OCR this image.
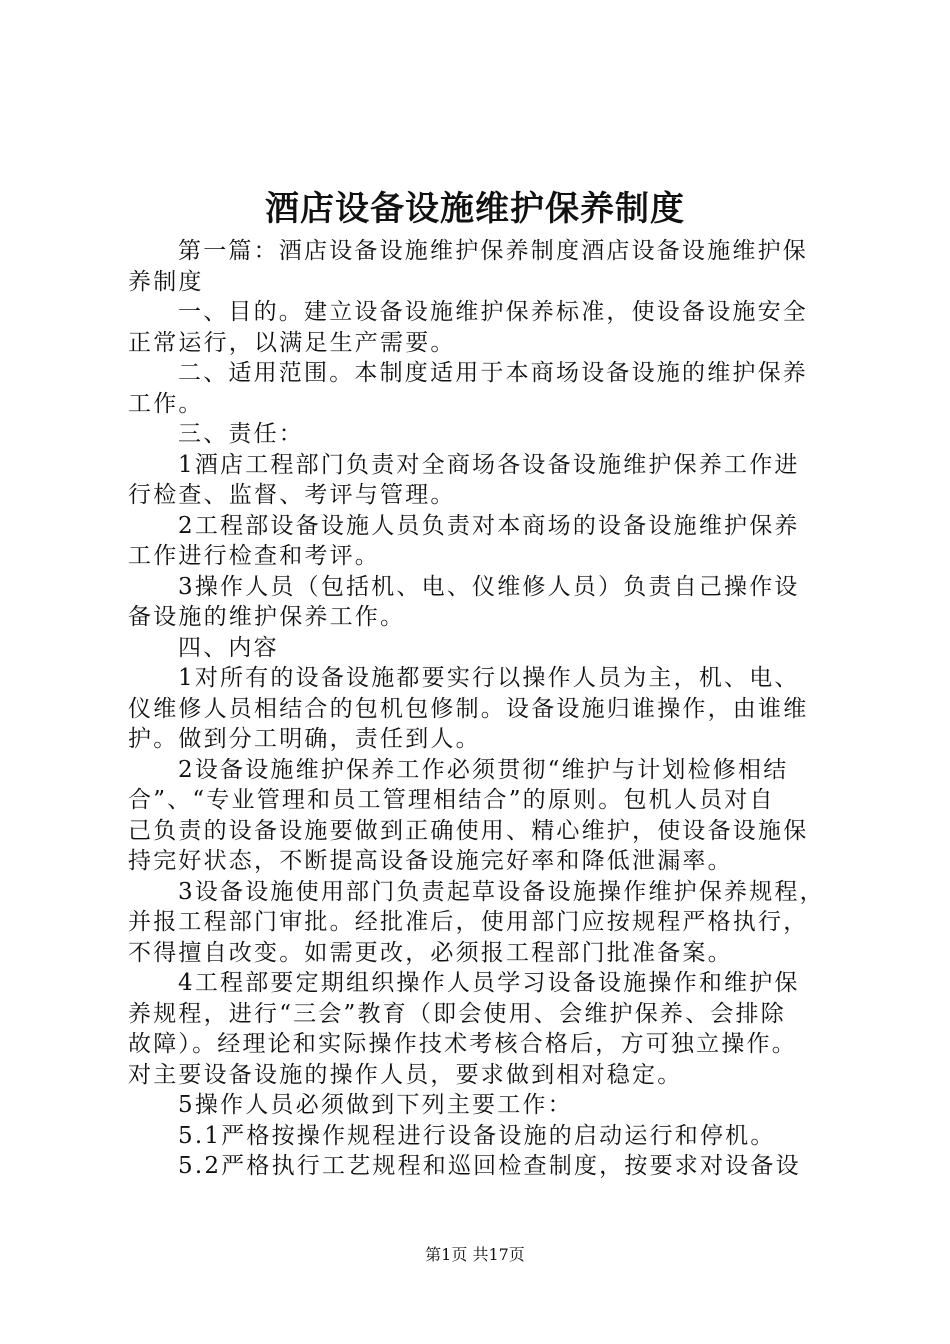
酒店设备设施维护保养制度
第一篇：酒店设备设施维护保养制度酒店设备设施维护保
养制度
一、目的。建立设备设施维护保养标准，使设备设施安全
正常运行，以满足生产需要。
二、适用范围。本制度适用于本商场设备设施的维护保养
工作。
三、责任：
1酒店工程部门负责对全商场各设备设施维护保养工作进
行检查、监督、考评与管理。
2工程部设备设施人员负责对本商场的设备设施维护保养
工作进行检查和考评。
3操作人员（包括机、电、仪维修人员）负责自己操作设
备设施的维护保养工作。
四、内容
1对所有的设备设施都要实行以操作人员为主，机、电、
仪维修人员相结合的包机包修制。设备设施归谁操作，由谁维
护。做到分工明确，责任到人。
2设备设施维护保养工作必须贯彻“维护与计划检修相结
合”、“专业管理和员工管理相结合”的原则。包机人员对自
己负责的设备设施要做到正确使用、精心维护，使设备设施保
持完好状态，不断提高设备设施完好率和降低泄漏率。
3设备设施使用部门负责起草设备设施操作维护保养规程，
并报工程部门审批。经批准后，使用部门应按规程严格执行，
不得擅自改变。如需更改，必须报工程部门批准备案。
4工程部要定期组织操作人员学习设备设施操作和维护保
养规程，进行“三会”教育（即会使用、会维护保养、会排除
故障）。经理论和实际操作技术考核合格后，方可独立操作。
对主要设备设施的操作人员，要求做到相对稳定。
5操作人员必须做到下列主要工作：
5.1严格按操作规程进行设备设施的启动运行和停机。
5.2严格执行工艺规程和巡回检查制度，按要求对设备设
第1页 共17页
